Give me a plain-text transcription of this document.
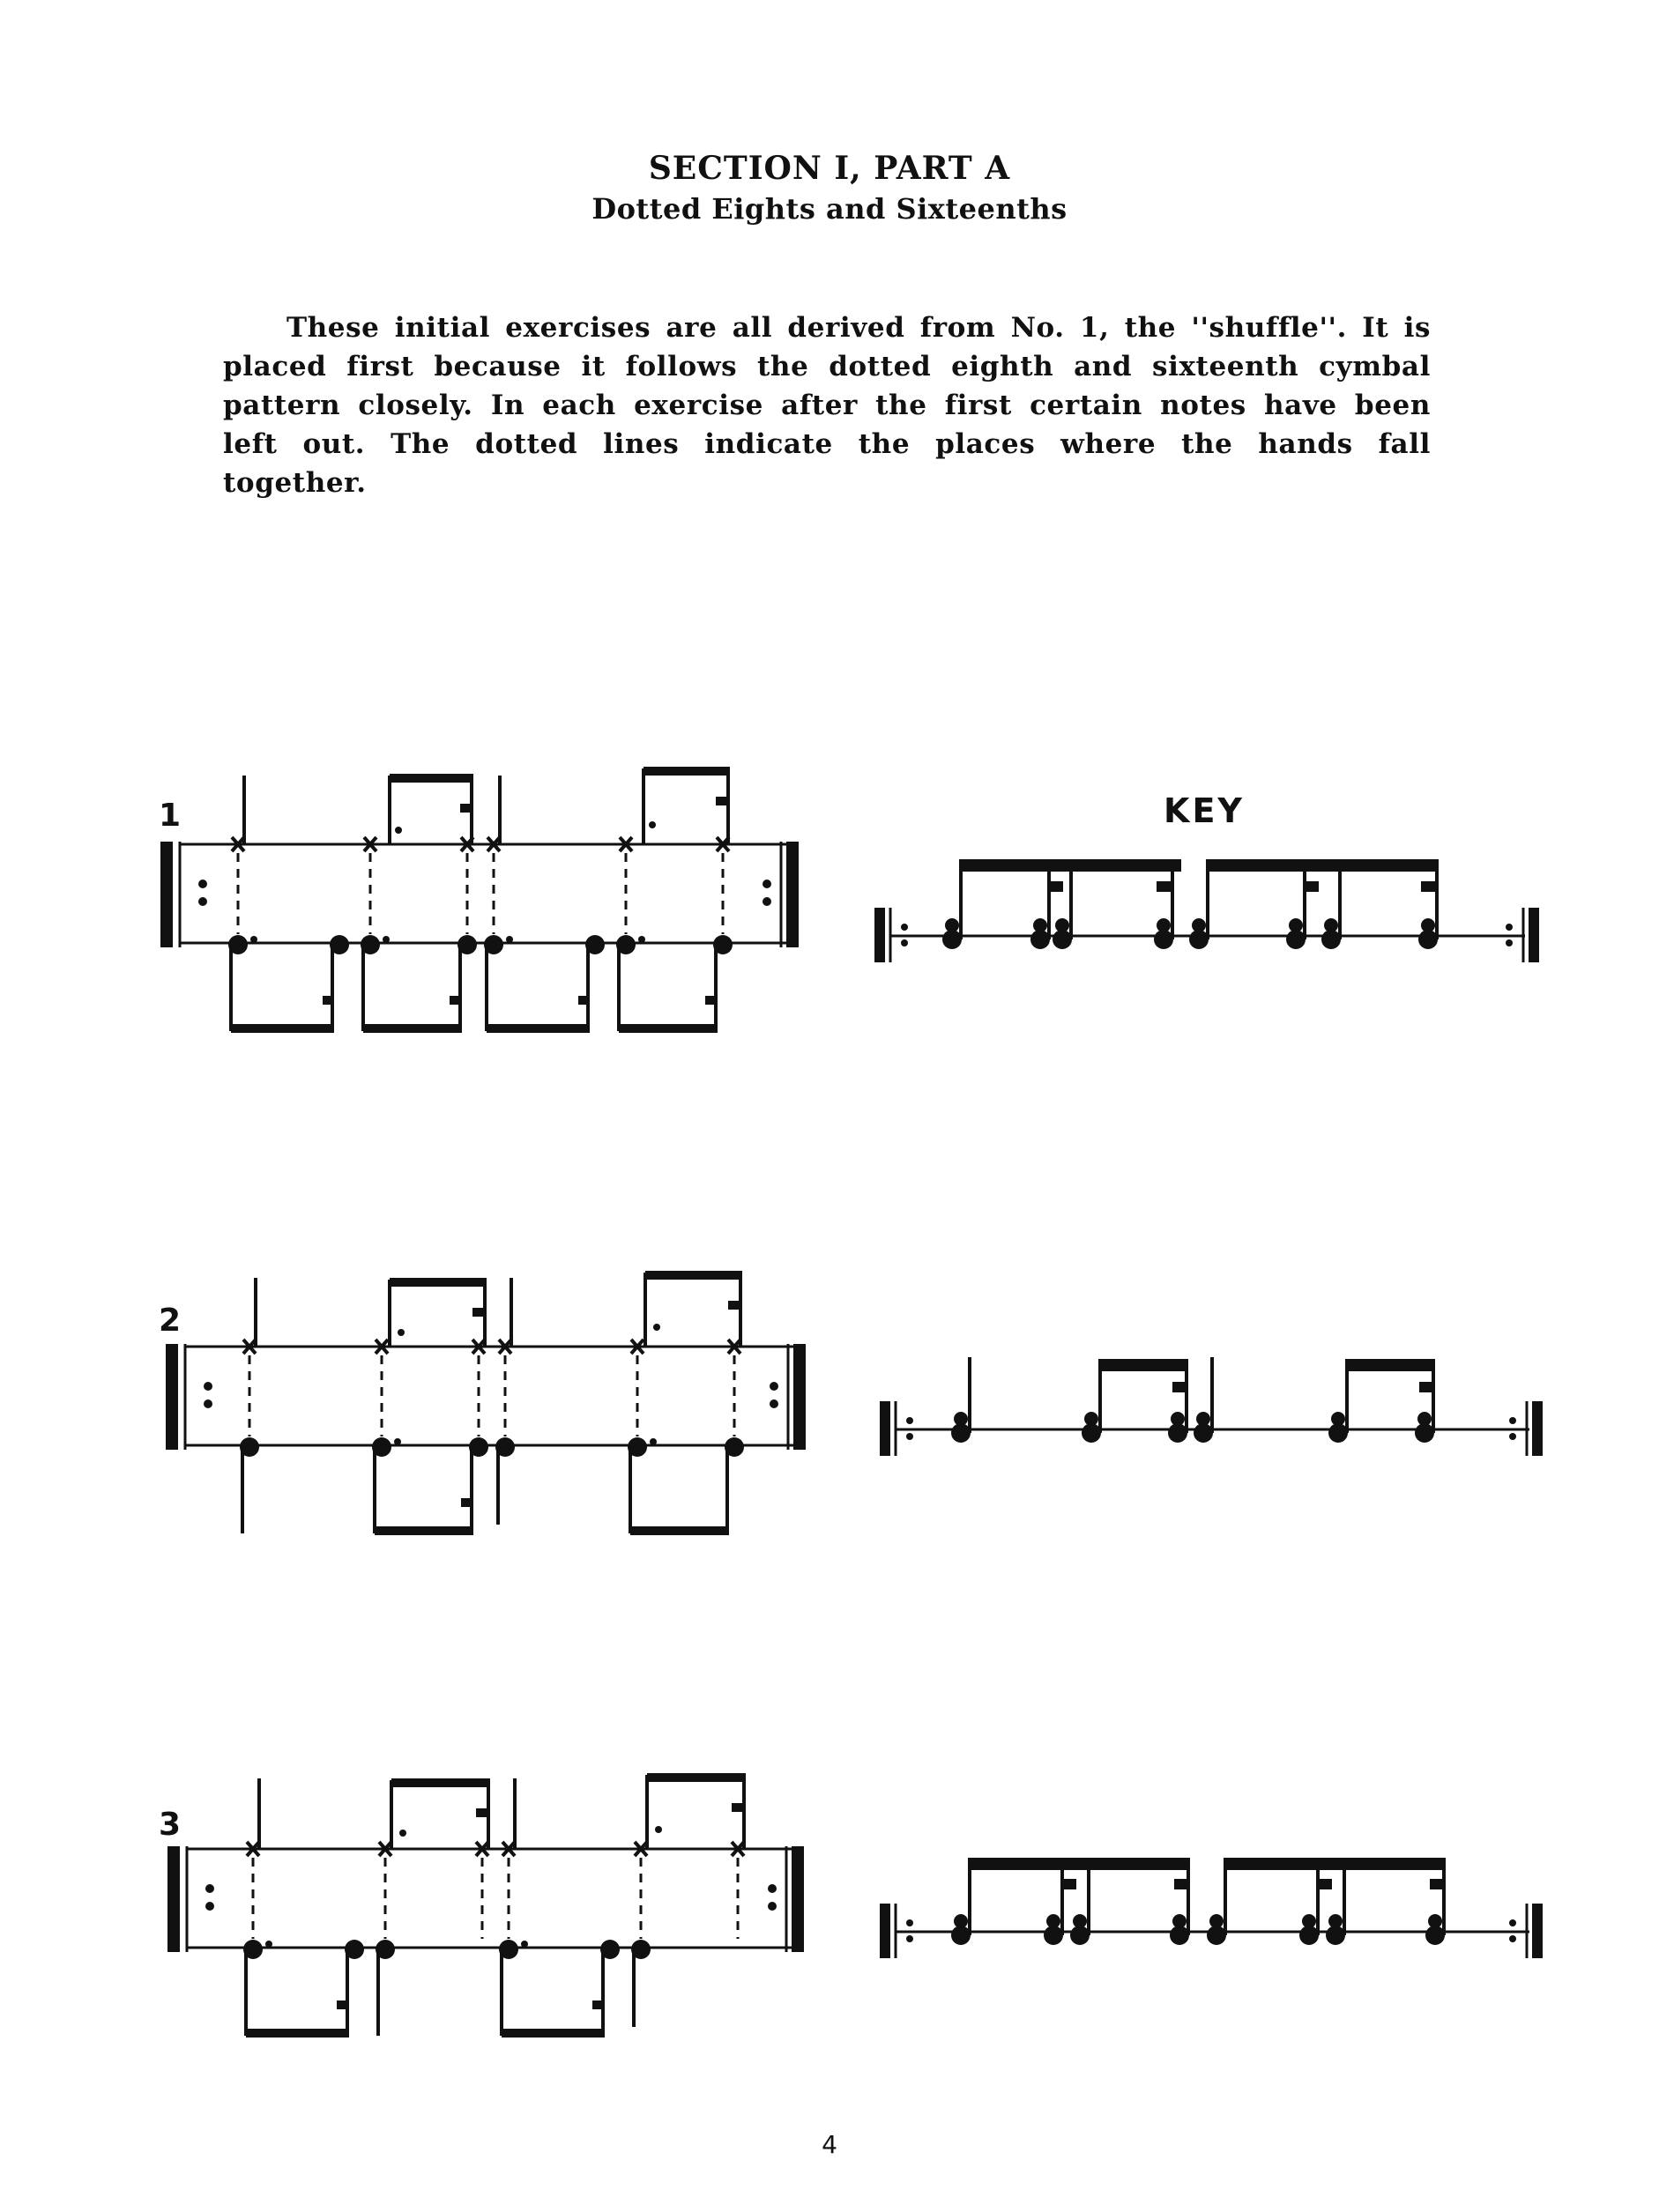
SECTION I, PART A
Dotted Eights and Sixteenths

These initial exercises are all derived from No. 1, the ''shuffle''. It is placed first because it follows the dotted eighth and sixteenth cymbal pattern closely. In each exercise after the first certain notes have been left out. The dotted lines indicate the places where the hands fall together.

KEY
1
2
3
4
